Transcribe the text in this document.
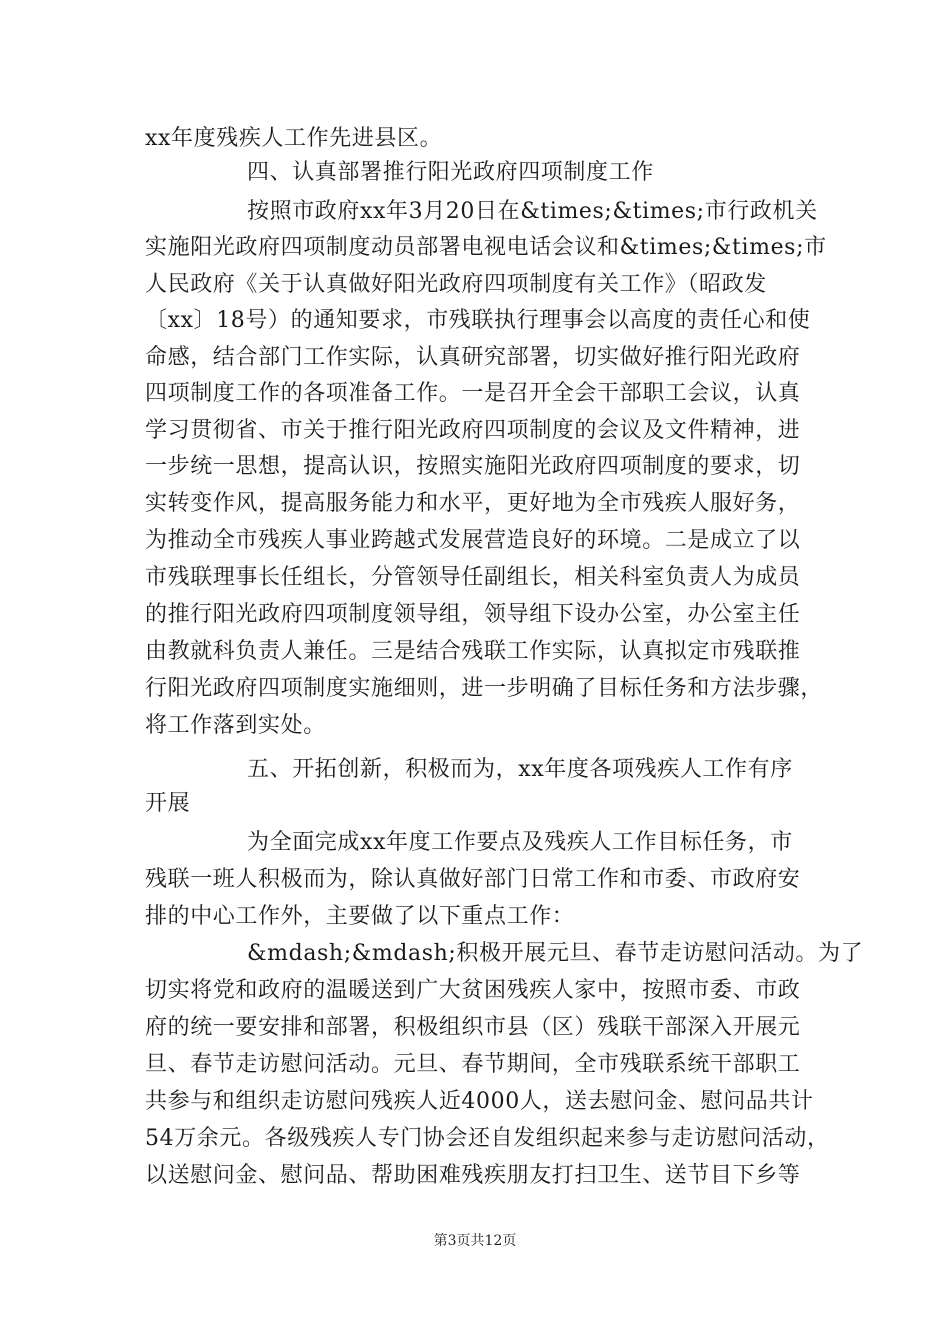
xx年度残疾人工作先进县区。
四、认真部署推行阳光政府四项制度工作
按照市政府xx年3月20日在&times;&times;市行政机关
实施阳光政府四项制度动员部署电视电话会议和&times;&times;市
人民政府《关于认真做好阳光政府四项制度有关工作》（昭政发
〔xx〕18号）的通知要求，市残联执行理事会以高度的责任心和使
命感，结合部门工作实际，认真研究部署，切实做好推行阳光政府
四项制度工作的各项准备工作。一是召开全会干部职工会议，认真
学习贯彻省、市关于推行阳光政府四项制度的会议及文件精神，进
一步统一思想，提高认识，按照实施阳光政府四项制度的要求，切
实转变作风，提高服务能力和水平，更好地为全市残疾人服好务，
为推动全市残疾人事业跨越式发展营造良好的环境。二是成立了以
市残联理事长任组长，分管领导任副组长，相关科室负责人为成员
的推行阳光政府四项制度领导组，领导组下设办公室，办公室主任
由教就科负责人兼任。三是结合残联工作实际，认真拟定市残联推
行阳光政府四项制度实施细则，进一步明确了目标任务和方法步骤，
将工作落到实处。
五、开拓创新，积极而为，xx年度各项残疾人工作有序
开展
为全面完成xx年度工作要点及残疾人工作目标任务，市
残联一班人积极而为，除认真做好部门日常工作和市委、市政府安
排的中心工作外，主要做了以下重点工作：
&mdash;&mdash;积极开展元旦、春节走访慰问活动。为了
切实将党和政府的温暖送到广大贫困残疾人家中，按照市委、市政
府的统一要安排和部署，积极组织市县（区）残联干部深入开展元
旦、春节走访慰问活动。元旦、春节期间，全市残联系统干部职工
共参与和组织走访慰问残疾人近4000人，送去慰问金、慰问品共计
54万余元。各级残疾人专门协会还自发组织起来参与走访慰问活动，
以送慰问金、慰问品、帮助困难残疾朋友打扫卫生、送节目下乡等
第3页共12页
